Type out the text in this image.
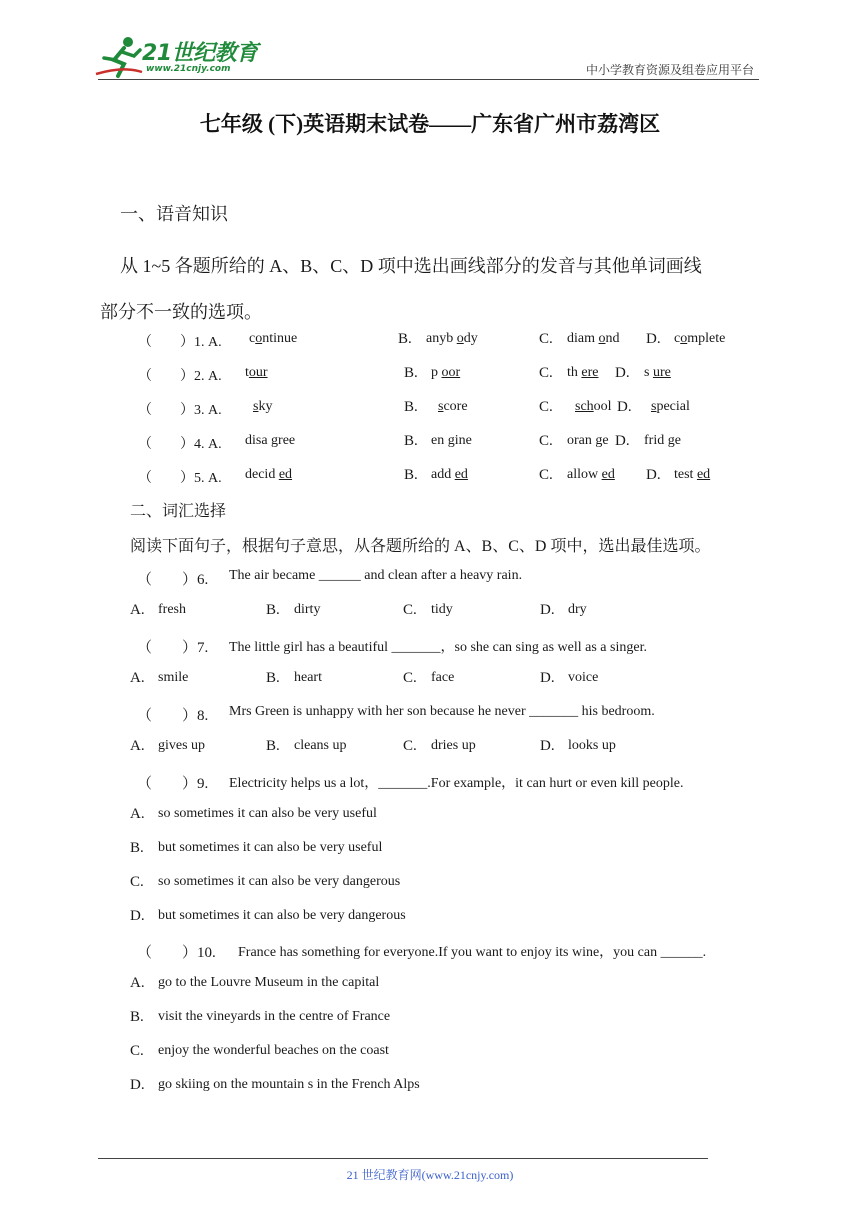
21世纪教育
www.21cnjy.com	中小学教育资源及组卷应用平台
七年级 (下)英语期末试卷——广东省广州市荔湾区
一、语音知识
从 1~5 各题所给的 A、B、C、D 项中选出画线部分的发音与其他单词画线
部分不一致的选项。
（　　）1. A. continue	B. anyb ody	C. diam ond D. complete
（　　）2. A. tour	B. p oor	C. th ere D. s ure
（　　）3. A. sky	B. score	C. school D. special
（　　）4. A. disa gree	B. en gine	C. oran ge D. frid ge
（　　）5. A. decid ed	B. add ed	C. allow ed D. test ed
二、词汇选择
阅读下面句子，根据句子意思，从各题所给的 A、B、C、D 项中，选出最佳选项。
（　　）6. The air became ______ and clean after a heavy rain.
A. fresh	B. dirty	C. tidy	D. dry
（　　）7. The little girl has a beautiful _______，so she can sing as well as a singer.
A. smile	B. heart	C. face	D. voice
（　　）8. Mrs Green is unhappy with her son because he never _______ his bedroom.
A. gives up	B. cleans up	C. dries up	D. looks up
（　　）9. Electricity helps us a lot，_______.For example，it can hurt or even kill people.
A. so sometimes it can also be very useful
B. but sometimes it can also be very useful
C. so sometimes it can also be very dangerous
D. but sometimes it can also be very dangerous
（　　）10. France has something for everyone.If you want to enjoy its wine，you can ______.
A. go to the Louvre Museum in the capital
B. visit the vineyards in the centre of France
C. enjoy the wonderful beaches on the coast
D. go skiing on the mountain s in the French Alps
21 世纪教育网(www.21cnjy.com)
